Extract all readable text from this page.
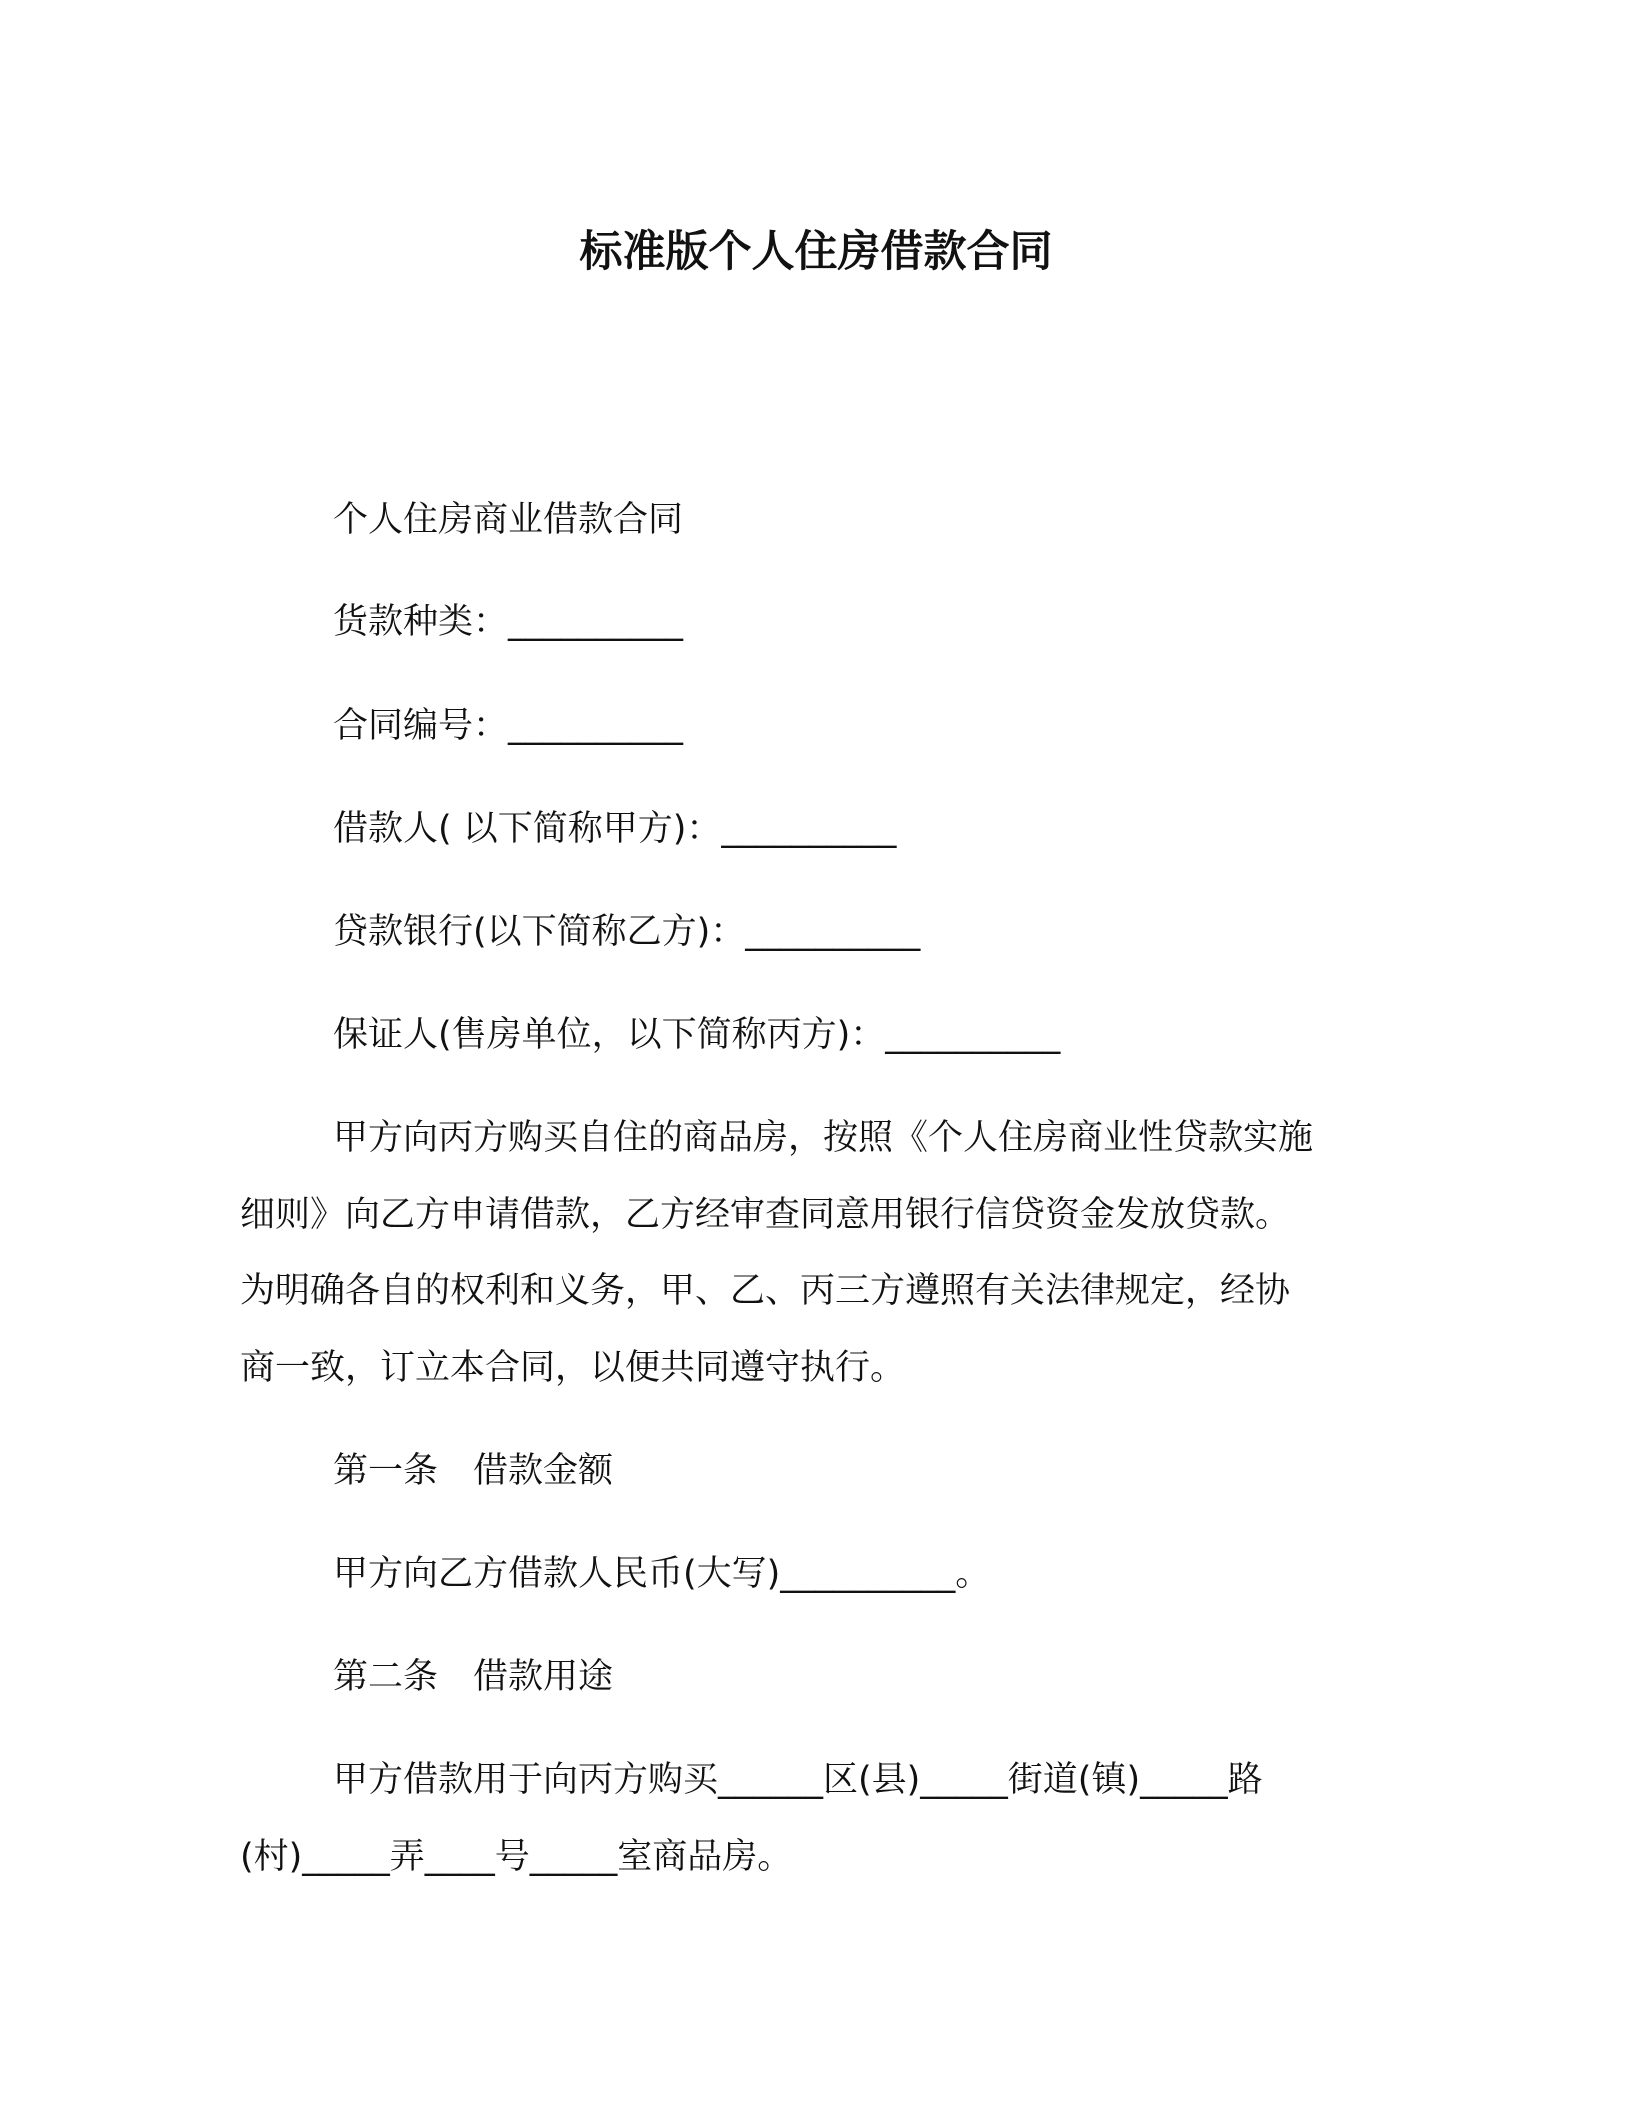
标准版个人住房借款合同
个人住房商业借款合同
货款种类：__________
合同编号：__________
借款人( 以下简称甲方)：__________
贷款银行(以下简称乙方)：__________
保证人(售房单位，以下简称丙方)：__________
甲方向丙方购买自住的商品房，按照《个人住房商业性贷款实施
细则》向乙方申请借款，乙方经审查同意用银行信贷资金发放贷款。
为明确各自的权利和义务，甲、乙、丙三方遵照有关法律规定，经协
商一致，订立本合同，以便共同遵守执行。
第一条　借款金额
甲方向乙方借款人民币(大写)__________。
第二条　借款用途
甲方借款用于向丙方购买______区(县)_____街道(镇)_____路
(村)_____弄____号_____室商品房。
